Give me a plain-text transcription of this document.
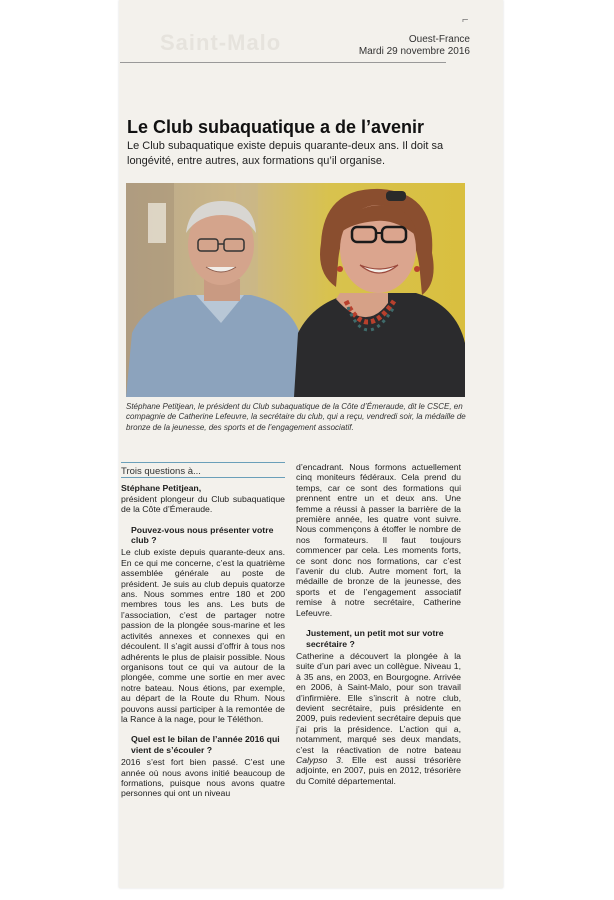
Saint-Malo
⌐
Ouest-France
Mardi 29 novembre 2016
Le Club subaquatique a de l’avenir

Le Club subaquatique existe depuis quarante-deux ans. Il doit sa longévité, entre autres, aux formations qu’il organise.

Stéphane Petitjean, le président du Club subaquatique de la Côte d’Émeraude, dit le CSCE, en compagnie de Catherine Lefeuvre, la secrétaire du club, qui a reçu, vendredi soir, la médaille de bronze de la jeunesse, des sports et de l’engagement associatif.

Trois questions à...

Stéphane Petitjean,
président plongeur du Club subaquatique de la Côte d’Émeraude.

Pouvez-vous nous présenter votre club ?

Le club existe depuis quarante-deux ans. En ce qui me concerne, c’est la quatrième assemblée générale au poste de président. Je suis au club depuis quatorze ans. Nous sommes entre 180 et 200 membres tous les ans. Les buts de l’association, c’est de partager notre passion de la plongée sous-marine et les activités annexes et connexes qui en découlent. Il s’agit aussi d’offrir à tous nos adhérents le plus de plaisir possible. Nous organisons tout ce qui va autour de la plongée, comme une sortie en mer avec notre bateau. Nous étions, par exemple, au départ de la Route du Rhum. Nous pouvons aussi participer à la remontée de la Rance à la nage, pour le Téléthon.

Quel est le bilan de l’année 2016 qui vient de s’écouler ?

2016 s’est fort bien passé. C’est une année où nous avons initié beaucoup de formations, puisque nous avons quatre personnes qui ont un niveau

d’encadrant. Nous formons actuellement cinq moniteurs fédéraux. Cela prend du temps, car ce sont des formations qui prennent entre un et deux ans. Une femme a réussi à passer la barrière de la première année, les quatre vont suivre. Nous commençons à étoffer le nombre de nos formateurs. Il faut toujours commencer par cela. Les moments forts, ce sont donc nos formations, car c’est l’avenir du club. Autre moment fort, la médaille de bronze de la jeunesse, des sports et de l’engagement associatif remise à notre secrétaire, Catherine Lefeuvre.

Justement, un petit mot sur votre secrétaire ?

Catherine a découvert la plongée à la suite d’un pari avec un collègue. Niveau 1, à 35 ans, en 2003, en Bourgogne. Arrivée en 2006, à Saint-Malo, pour son travail d’infirmière. Elle s’inscrit à notre club, devient secrétaire, puis présidente en 2009, puis redevient secrétaire depuis que j’ai pris la présidence. L’action qui a, notamment, marqué ses deux mandats, c’est la réactivation de notre bateau Calypso 3. Elle est aussi trésorière adjointe, en 2007, puis en 2012, trésorière du Comité départemental.
